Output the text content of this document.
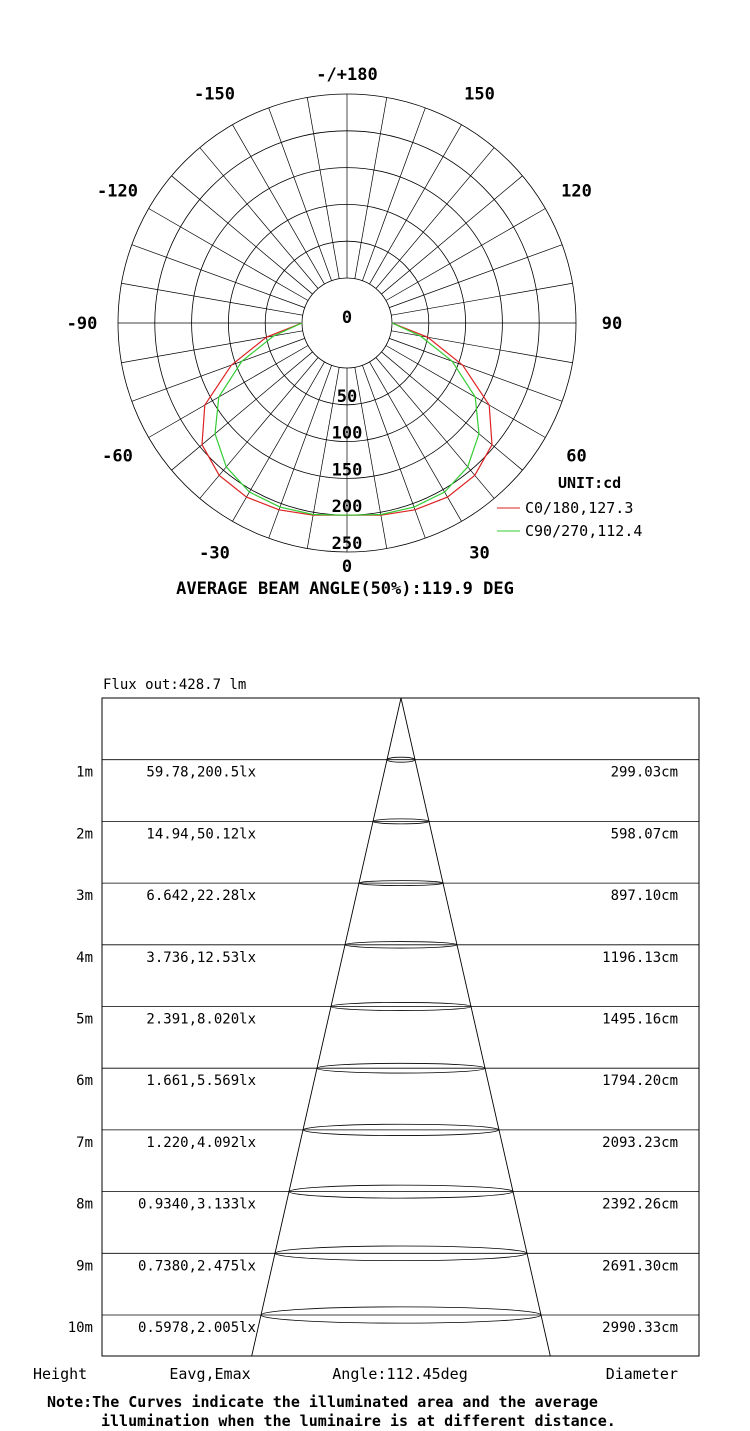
-/+180
150
120
90
60
30
0
-30
-60
-90
-120
-150
0
50
100
150
200
250
UNIT:cd
C0/180,127.3
C90/270,112.4
AVERAGE BEAM ANGLE(50%):119.9 DEG
Flux out:428.7 lm
1m	59.78,200.5lx	299.03cm
2m	14.94,50.12lx	598.07cm
3m	6.642,22.28lx	897.10cm
4m	3.736,12.53lx	1196.13cm
5m	2.391,8.020lx	1495.16cm
6m	1.661,5.569lx	1794.20cm
7m	1.220,4.092lx	2093.23cm
8m	0.9340,3.133lx	2392.26cm
9m	0.7380,2.475lx	2691.30cm
10m	0.5978,2.005lx	2990.33cm
Height	Eavg,Emax	Angle:112.45deg	Diameter
Note:The Curves indicate the illuminated area and the average
illumination when the luminaire is at different distance.
